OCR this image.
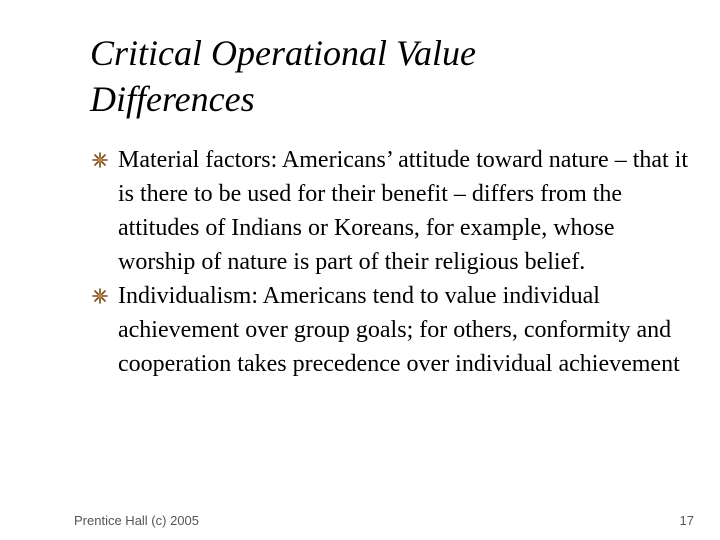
Critical Operational Value
Differences
Material factors: Americans’ attitude toward nature – that it is there to be used for their benefit – differs from the attitudes of Indians or Koreans, for example, whose worship of nature is part of their religious belief.
Individualism: Americans tend to value individual achievement over group goals; for others, conformity and cooperation takes precedence over individual achievement
Prentice Hall (c) 2005	17
